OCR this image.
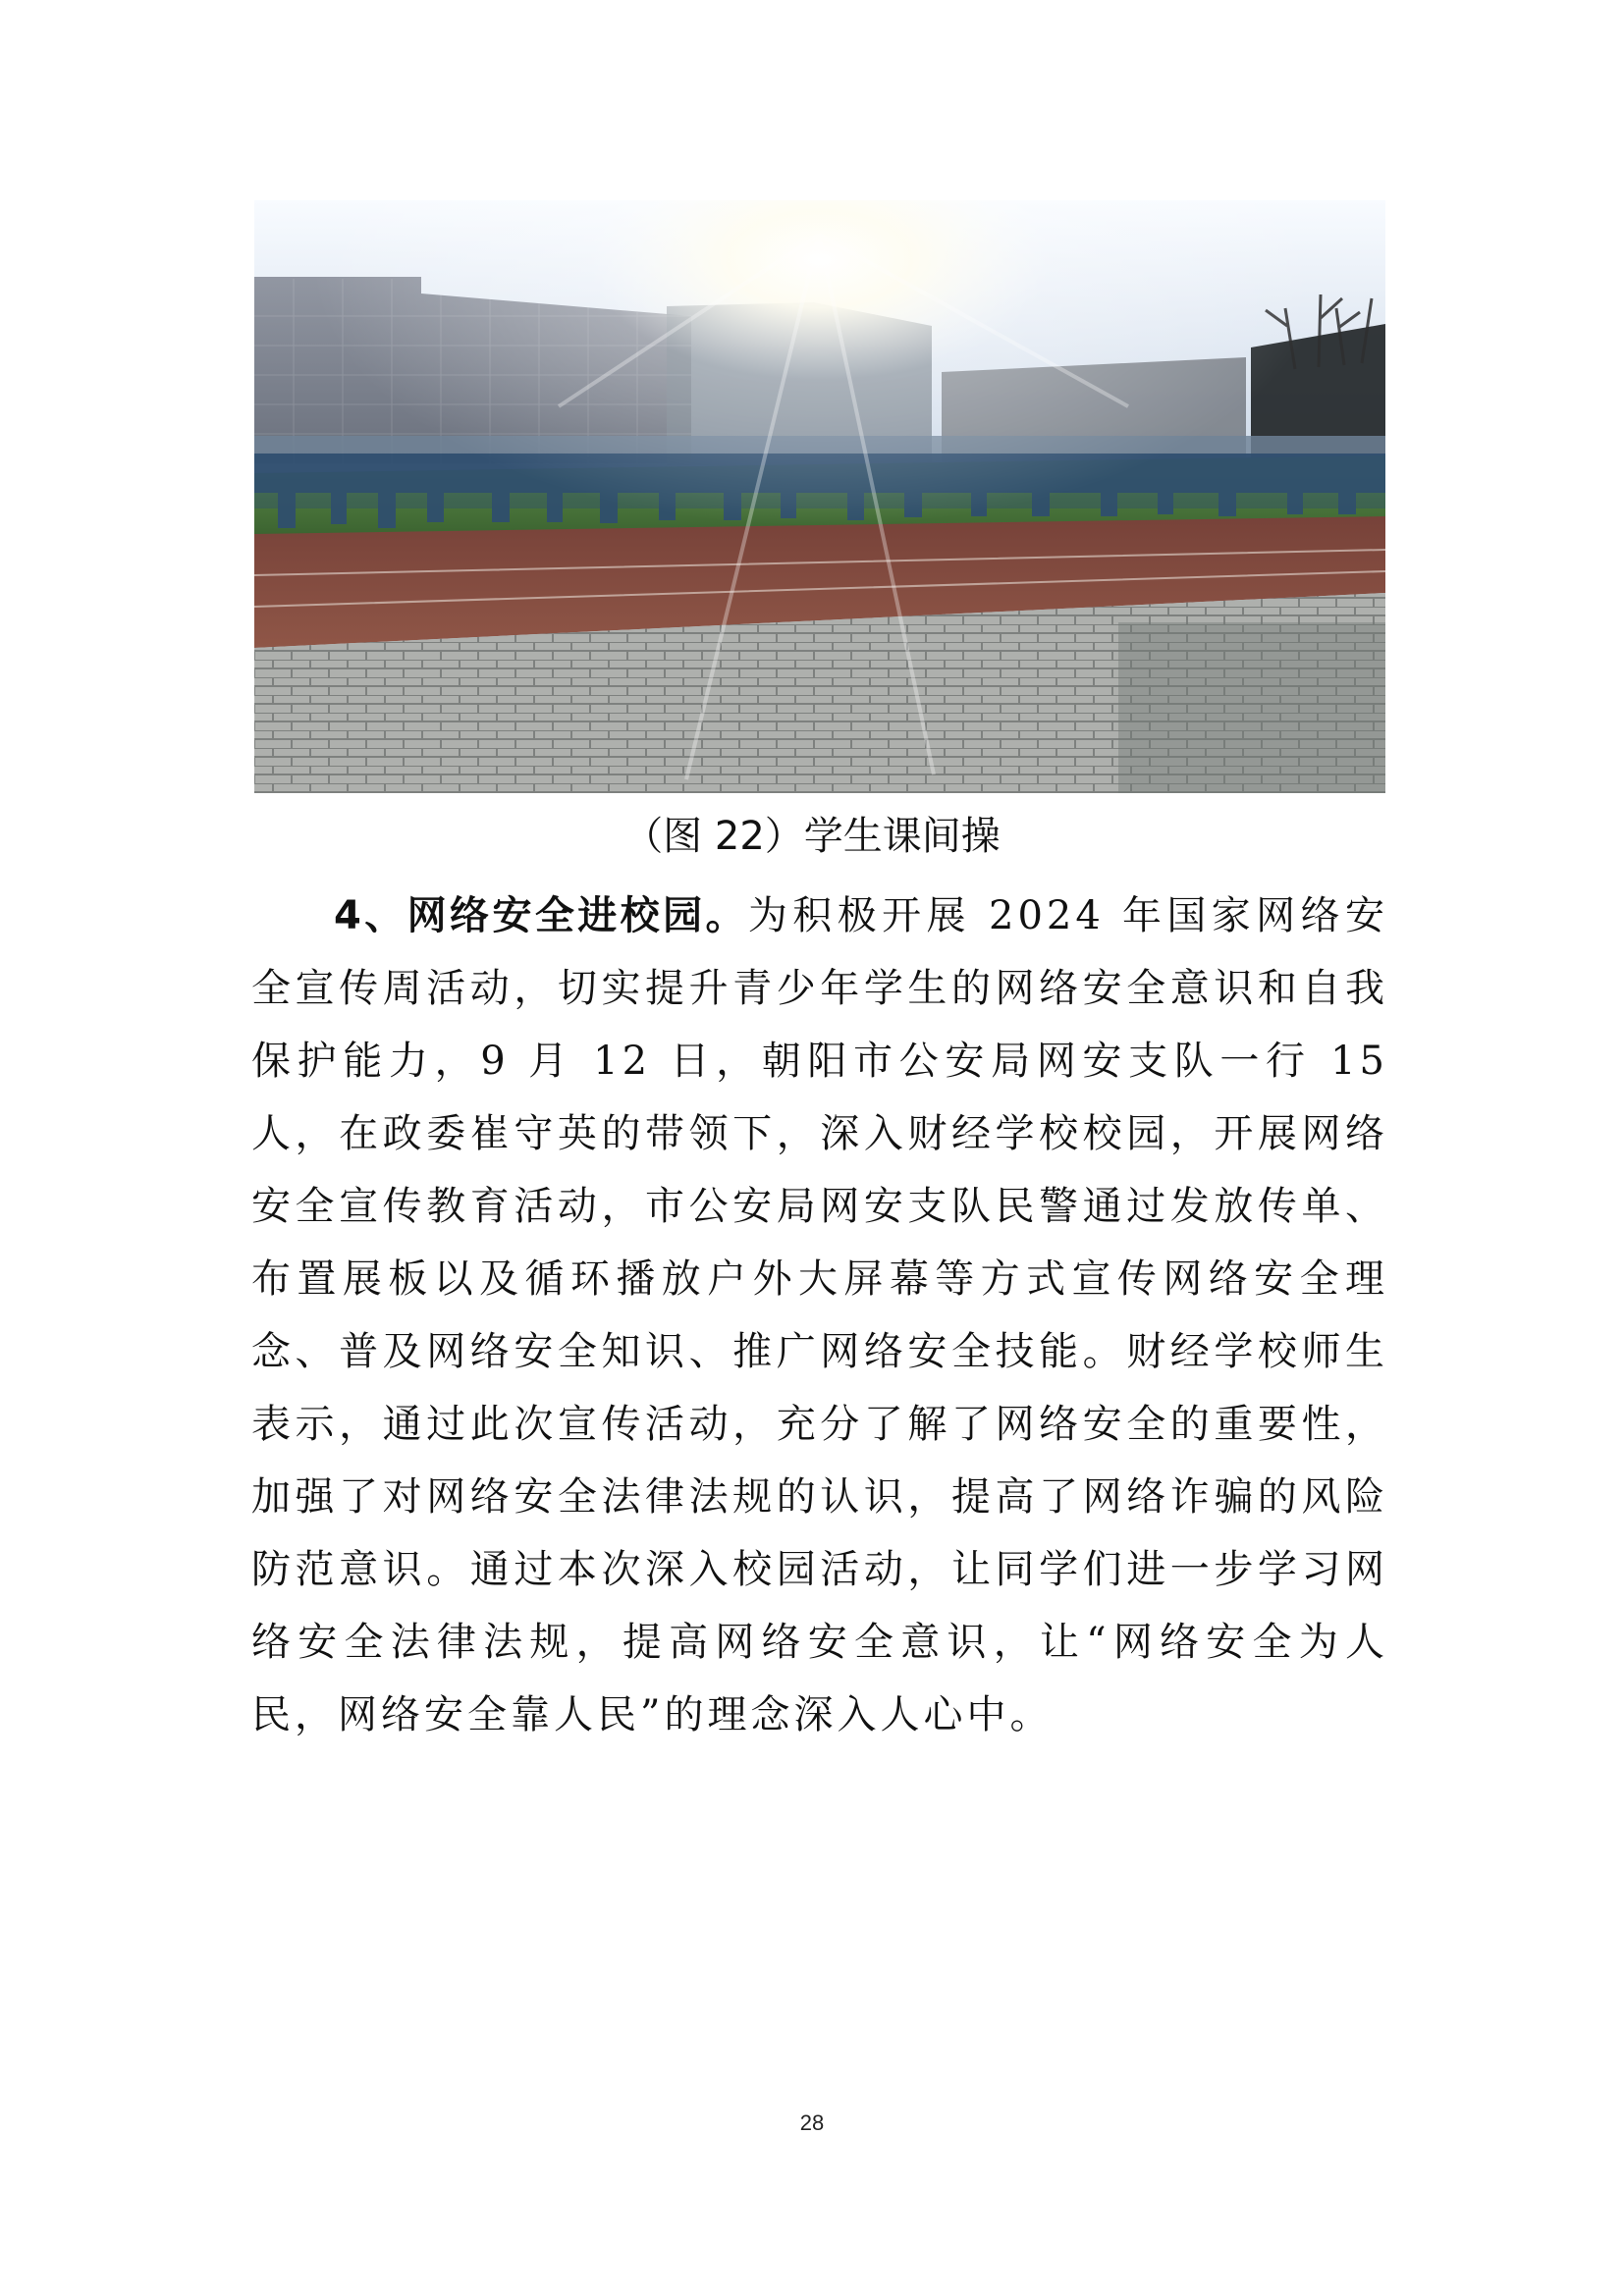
（图 22）学生课间操

4、网络安全进校园。为积极开展 2024 年国家网络安全宣传周活动，切实提升青少年学生的网络安全意识和自我保护能力，9 月 12 日，朝阳市公安局网安支队一行 15 人，在政委崔守英的带领下，深入财经学校校园，开展网络安全宣传教育活动，市公安局网安支队民警通过发放传单、布置展板以及循环播放户外大屏幕等方式宣传网络安全理念、普及网络安全知识、推广网络安全技能。财经学校师生表示，通过此次宣传活动，充分了解了网络安全的重要性，加强了对网络安全法律法规的认识，提高了网络诈骗的风险防范意识。通过本次深入校园活动，让同学们进一步学习网络安全法律法规，提高网络安全意识，让“网络安全为人民，网络安全靠人民”的理念深入人心中。

28
